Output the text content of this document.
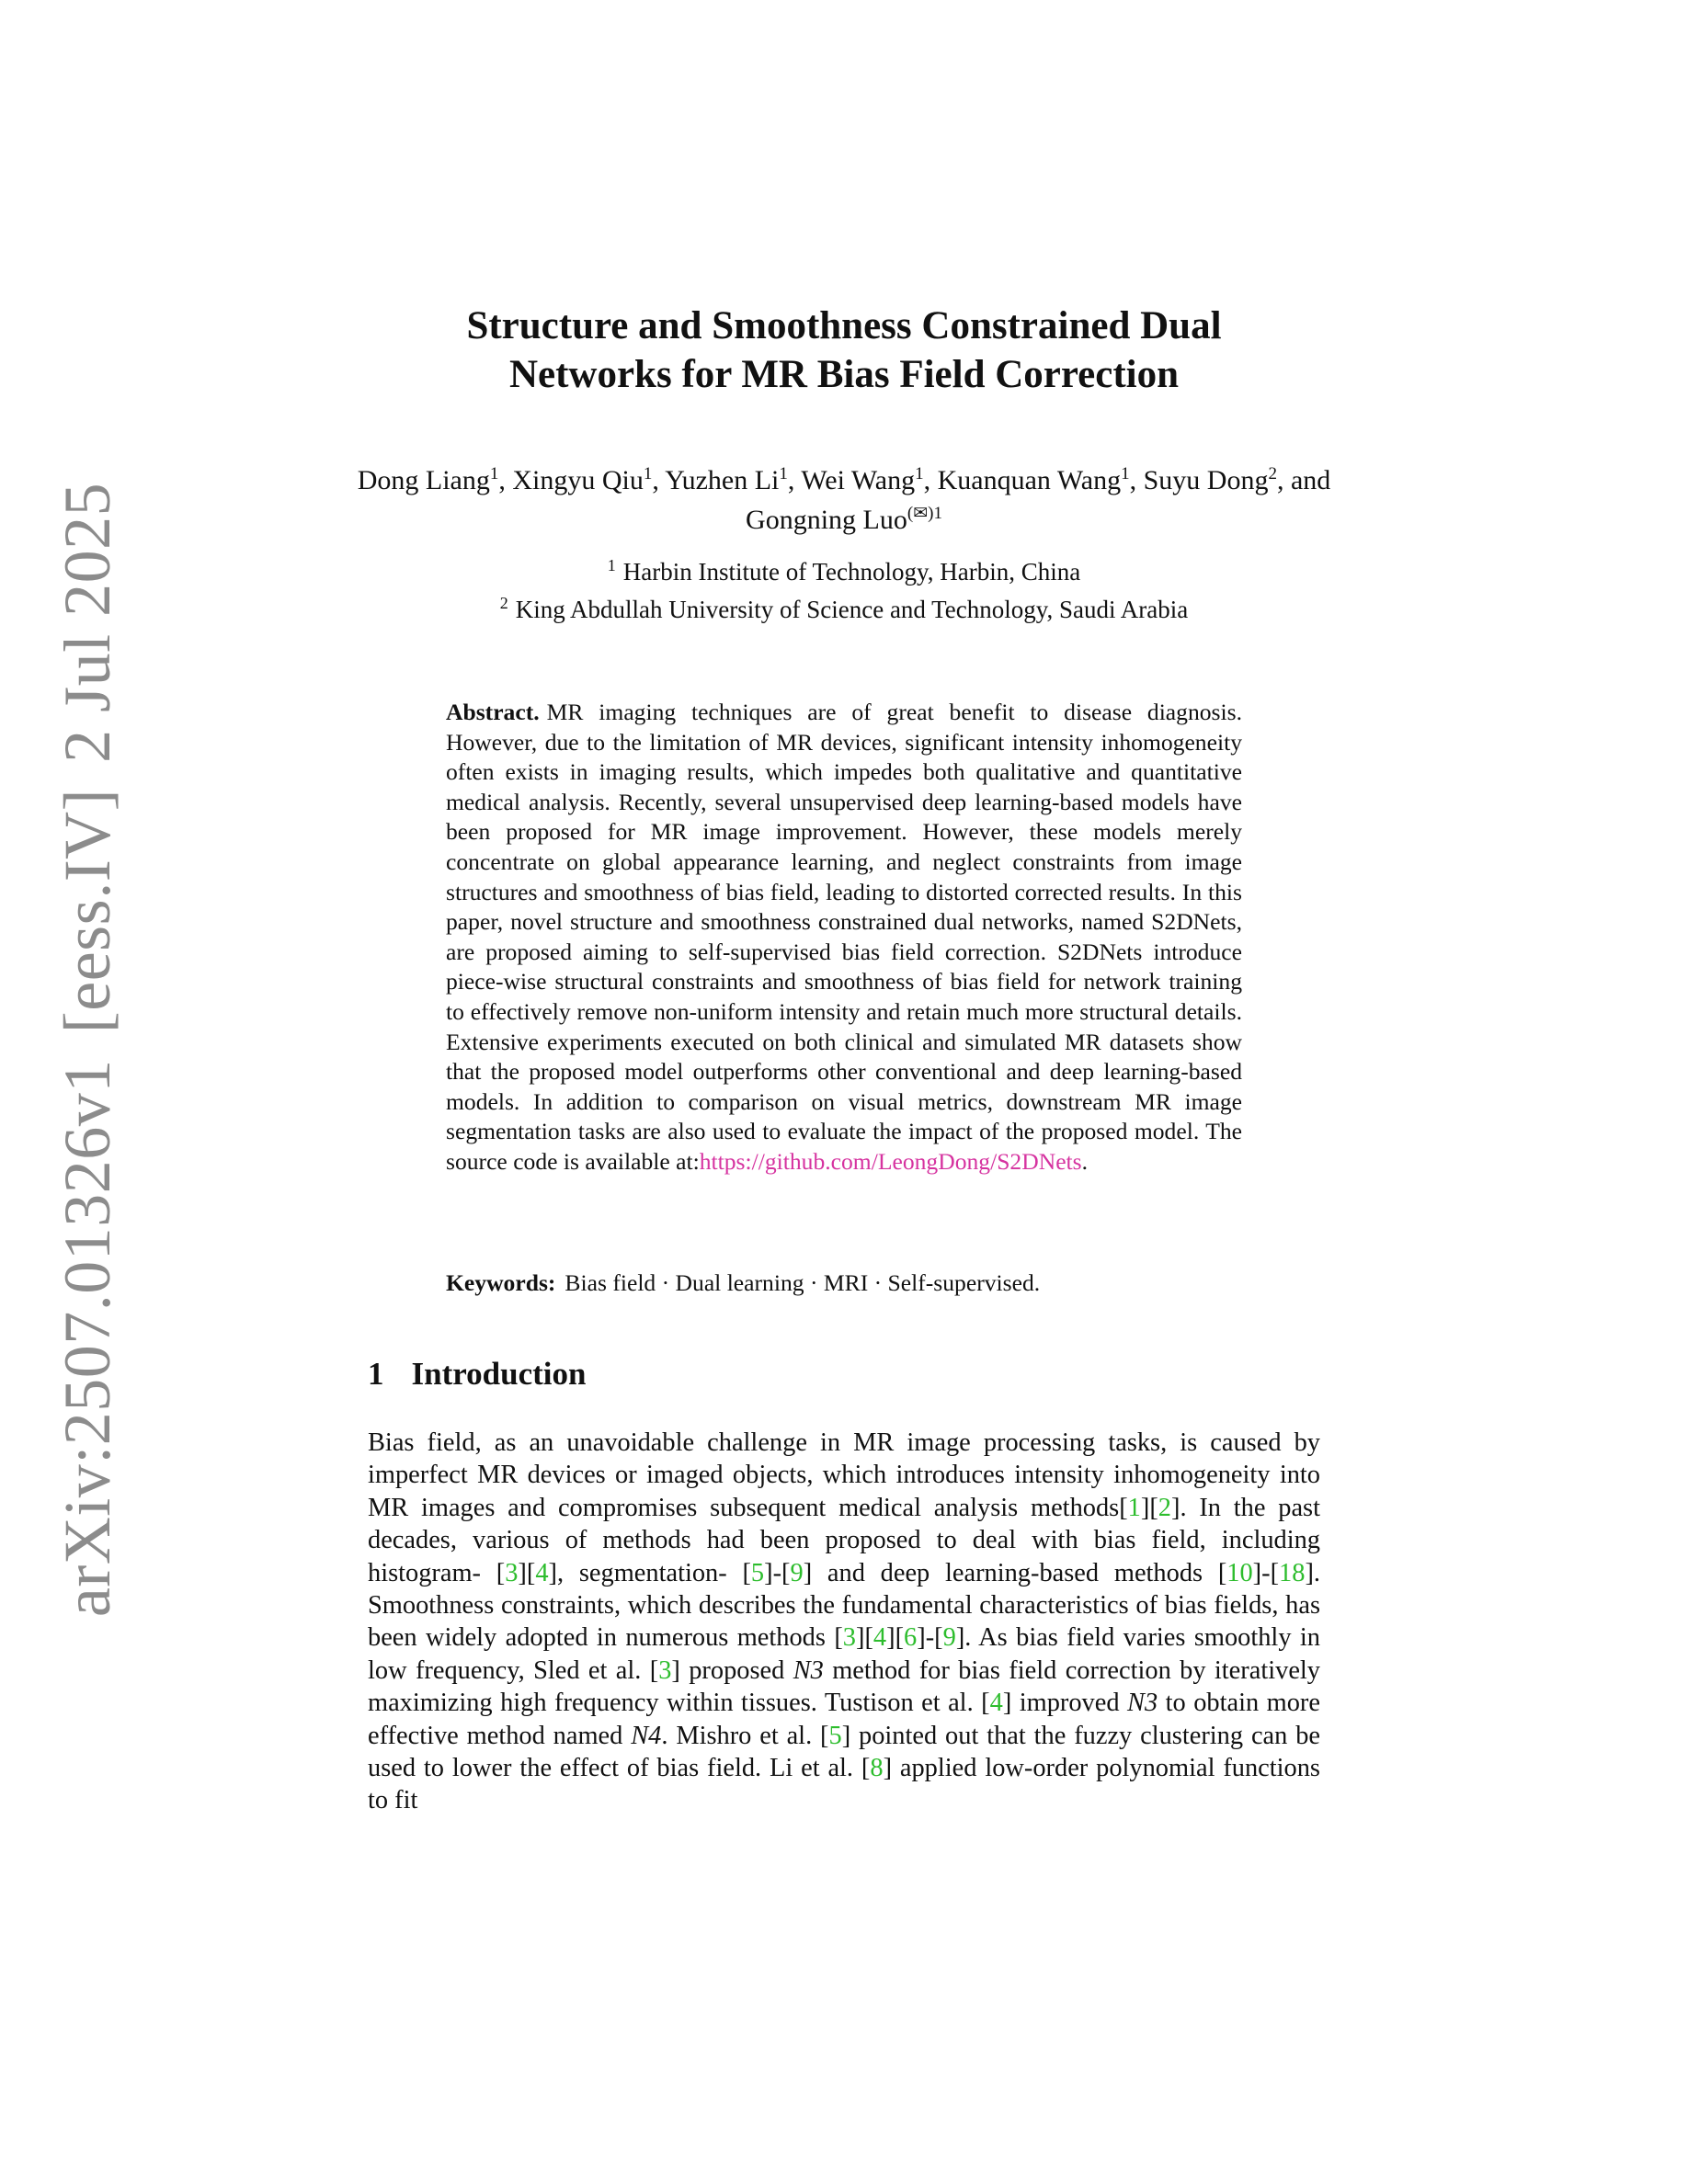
arXiv:2507.01326v1
[eess.IV]
2 Jul 2025
Structure and Smoothness Constrained Dual
Networks for MR Bias Field Correction
Dong Liang$^1$, Xingyu Qiu$^1$, Yuzhen Li$^1$, Wei Wang$^1$, Kuanquan Wang$^1$, Suyu Dong$^2$, and Gongning Luo$^{(✉)1}$
$^1$ Harbin Institute of Technology, Harbin, China
$^2$ King Abdullah University of Science and Technology, Saudi Arabia
Abstract. MR imaging techniques are of great benefit to disease diagnosis. However, due to the limitation of MR devices, significant intensity inhomogeneity often exists in imaging results, which impedes both qualitative and quantitative medical analysis. Recently, several unsupervised deep learning-based models have been proposed for MR image improvement. However, these models merely concentrate on global appearance learning, and neglect constraints from image structures and smoothness of bias field, leading to distorted corrected results. In this paper, novel structure and smoothness constrained dual networks, named S2DNets, are proposed aiming to self-supervised bias field correction. S2DNets introduce piece-wise structural constraints and smoothness of bias field for network training to effectively remove non-uniform intensity and retain much more structural details. Extensive experiments executed on both clinical and simulated MR datasets show that the proposed model outperforms other conventional and deep learning-based models. In addition to comparison on visual metrics, downstream MR image segmentation tasks are also used to evaluate the impact of the proposed model. The source code is available at:https://github.com/LeongDong/S2DNets.
Keywords: Bias field · Dual learning · MRI · Self-supervised.
1 Introduction
Bias field, as an unavoidable challenge in MR image processing tasks, is caused by imperfect MR devices or imaged objects, which introduces intensity inhomogeneity into MR images and compromises subsequent medical analysis methods[1][2]. In the past decades, various of methods had been proposed to deal with bias field, including histogram- [3][4], segmentation- [5]-[9] and deep learning-based methods [10]-[18]. Smoothness constraints, which describes the fundamental characteristics of bias fields, has been widely adopted in numerous methods [3][4][6]-[9]. As bias field varies smoothly in low frequency, Sled et al. [3] proposed N3 method for bias field correction by iteratively maximizing high frequency within tissues. Tustison et al. [4] improved N3 to obtain more effective method named N4. Mishro et al. [5] pointed out that the fuzzy clustering can be used to lower the effect of bias field. Li et al. [8] applied low-order polynomial functions to fit
